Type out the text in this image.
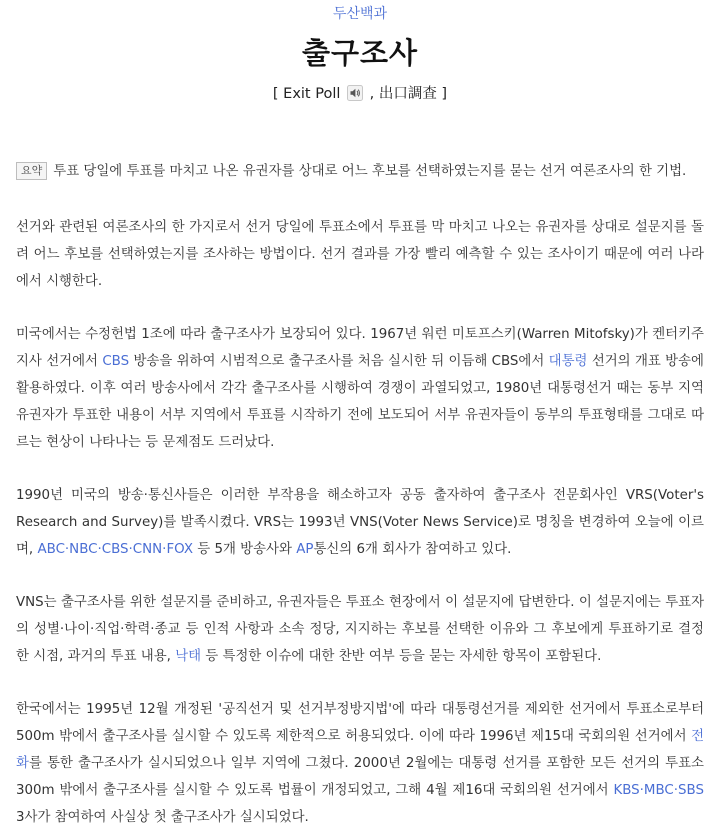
두산백과
출구조사
[ Exit Poll , 出口調査 ]
요약 투표 당일에 투표를 마치고 나온 유권자를 상대로 어느 후보를 선택하였는지를 묻는 선거 여론조사의 한 기법.
선거와 관련된 여론조사의 한 가지로서 선거 당일에 투표소에서 투표를 막 마치고 나오는 유권자를 상대로 설문지를 돌려 어느 후보를 선택하였는지를 조사하는 방법이다. 선거 결과를 가장 빨리 예측할 수 있는 조사이기 때문에 여러 나라에서 시행한다.
미국에서는 수정헌법 1조에 따라 출구조사가 보장되어 있다. 1967년 워런 미토프스키(Warren Mitofsky)가 켄터키주지사 선거에서 CBS 방송을 위하여 시범적으로 출구조사를 처음 실시한 뒤 이듬해 CBS에서 대통령 선거의 개표 방송에 활용하였다. 이후 여러 방송사에서 각각 출구조사를 시행하여 경쟁이 과열되었고, 1980년 대통령선거 때는 동부 지역 유권자가 투표한 내용이 서부 지역에서 투표를 시작하기 전에 보도되어 서부 유권자들이 동부의 투표형태를 그대로 따르는 현상이 나타나는 등 문제점도 드러났다.
1990년 미국의 방송·통신사들은 이러한 부작용을 해소하고자 공동 출자하여 출구조사 전문회사인 VRS(Voter's Research and Survey)를 발족시켰다. VRS는 1993년 VNS(Voter News Service)로 명칭을 변경하여 오늘에 이르며, ABC·NBC·CBS·CNN·FOX 등 5개 방송사와 AP통신의 6개 회사가 참여하고 있다.
VNS는 출구조사를 위한 설문지를 준비하고, 유권자들은 투표소 현장에서 이 설문지에 답변한다. 이 설문지에는 투표자의 성별·나이·직업·학력·종교 등 인적 사항과 소속 정당, 지지하는 후보를 선택한 이유와 그 후보에게 투표하기로 결정한 시점, 과거의 투표 내용, 낙태 등 특정한 이슈에 대한 찬반 여부 등을 묻는 자세한 항목이 포함된다.
한국에서는 1995년 12월 개정된 '공직선거 및 선거부정방지법'에 따라 대통령선거를 제외한 선거에서 투표소로부터 500m 밖에서 출구조사를 실시할 수 있도록 제한적으로 허용되었다. 이에 따라 1996년 제15대 국회의원 선거에서 전화를 통한 출구조사가 실시되었으나 일부 지역에 그쳤다. 2000년 2월에는 대통령 선거를 포함한 모든 선거의 투표소 300m 밖에서 출구조사를 실시할 수 있도록 법률이 개정되었고, 그해 4월 제16대 국회의원 선거에서 KBS·MBC·SBS 3사가 참여하여 사실상 첫 출구조사가 실시되었다.
